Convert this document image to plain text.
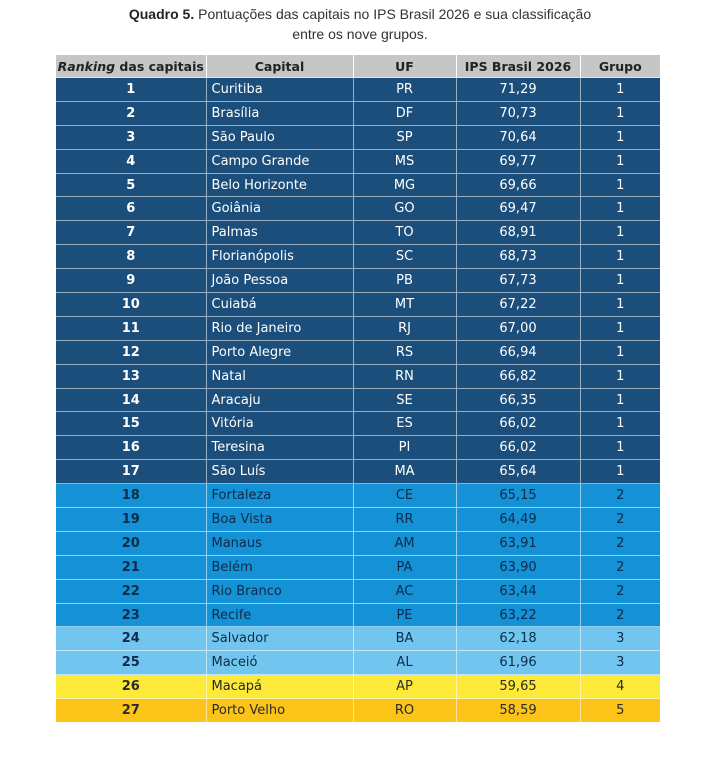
Quadro 5. Pontuações das capitais no IPS Brasil 2026 e sua classificação
entre os nove grupos.
Ranking das capitais	Capital	UF	IPS Brasil 2026	Grupo
1	Curitiba	PR	71,29	1
2	Brasília	DF	70,73	1
3	São Paulo	SP	70,64	1
4	Campo Grande	MS	69,77	1
5	Belo Horizonte	MG	69,66	1
6	Goiânia	GO	69,47	1
7	Palmas	TO	68,91	1
8	Florianópolis	SC	68,73	1
9	João Pessoa	PB	67,73	1
10	Cuiabá	MT	67,22	1
11	Rio de Janeiro	RJ	67,00	1
12	Porto Alegre	RS	66,94	1
13	Natal	RN	66,82	1
14	Aracaju	SE	66,35	1
15	Vitória	ES	66,02	1
16	Teresina	PI	66,02	1
17	São Luís	MA	65,64	1
18	Fortaleza	CE	65,15	2
19	Boa Vista	RR	64,49	2
20	Manaus	AM	63,91	2
21	Belém	PA	63,90	2
22	Rio Branco	AC	63,44	2
23	Recife	PE	63,22	2
24	Salvador	BA	62,18	3
25	Maceió	AL	61,96	3
26	Macapá	AP	59,65	4
27	Porto Velho	RO	58,59	5
